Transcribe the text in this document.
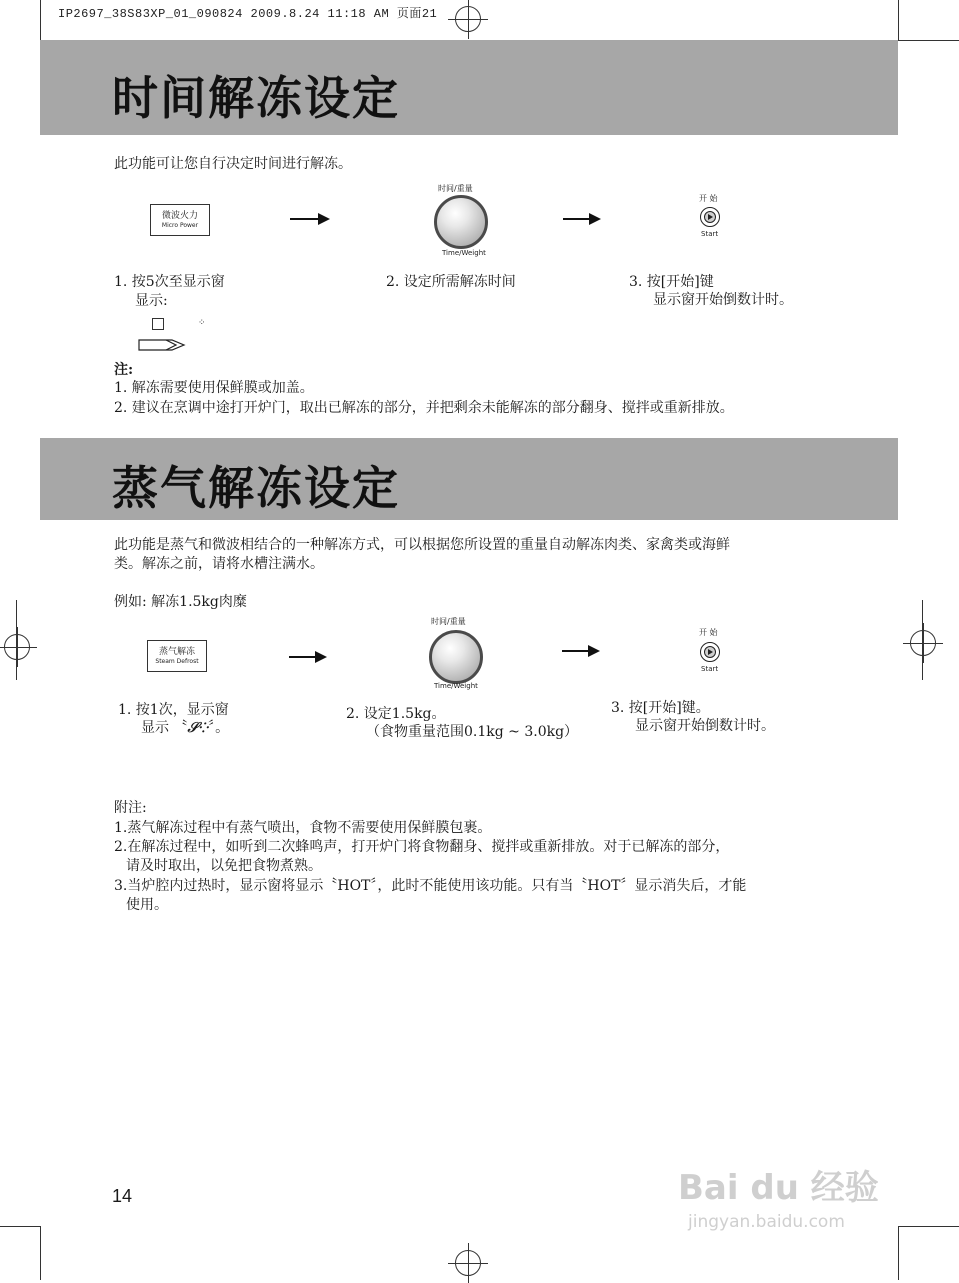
IP2697_38S83XP_01_090824 2009.8.24 11:18 AM 页面21
时间解冻设定
此功能可让您自行决定时间进行解冻。
微波火力
Micro Power
时间/重量
Time/Weight
开 始
Start
1. 按5次至显示窗
显示:
⁘
2. 设定所需解冻时间	3. 按[开始]键
显示窗开始倒数计时。
注:
1. 解冻需要使用保鲜膜或加盖。
2. 建议在烹调中途打开炉门，取出已解冻的部分，并把剩余未能解冻的部分翻身、搅拌或重新排放。
蒸气解冻设定
此功能是蒸气和微波相结合的一种解冻方式，可以根据您所设置的重量自动解冻肉类、家禽类或海鲜
类。解冻之前，请将水槽注满水。
例如: 解冻1.5kg肉糜
蒸气解冻
Steam Defrost
时间/重量
Time/Weight
开 始
Start
1. 按1次，显示窗
显示 〝𝒮⁘〞。
2. 设定1.5kg。
（食物重量范围0.1kg ~ 3.0kg）
3. 按[开始]键。
显示窗开始倒数计时。
附注:
1.蒸气解冻过程中有蒸气喷出，食物不需要使用保鲜膜包裹。
2.在解冻过程中，如听到二次蜂鸣声，打开炉门将食物翻身、搅拌或重新排放。对于已解冻的部分，
请及时取出，以免把食物煮熟。
3.当炉腔内过热时，显示窗将显示〝HOT〞，此时不能使用该功能。只有当〝HOT〞显示消失后，才能
使用。
14	Bai du 经验
jingyan.baidu.com
